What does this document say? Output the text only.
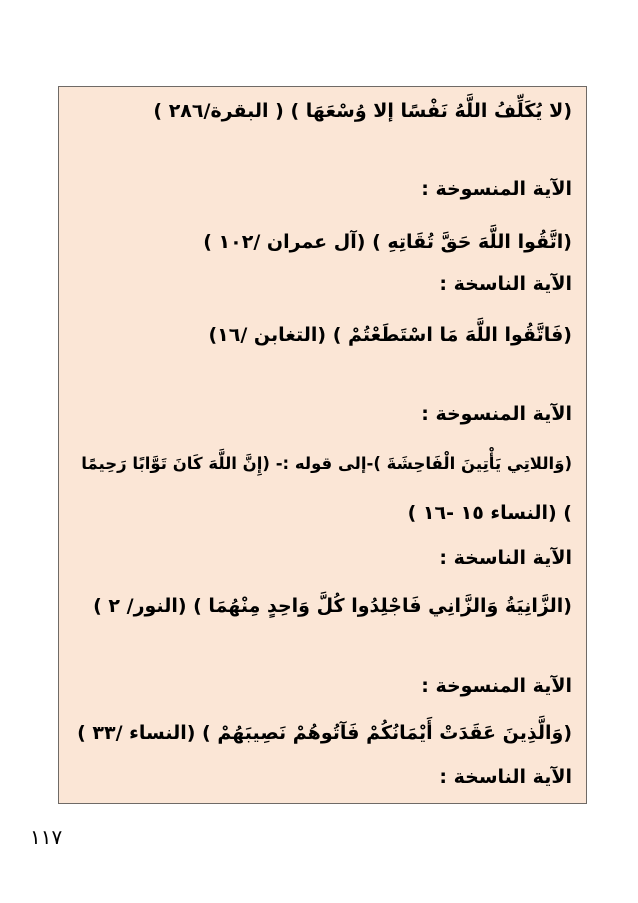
(لا يُكَلِّفُ اللَّهُ نَفْسًا إلا وُسْعَهَا ) ( البقرة/٢٨٦ )
الآية المنسوخة :
(اتَّقُوا اللَّهَ حَقَّ تُقَاتِهِ ) (آل عمران /١٠٢ )
الآية الناسخة :
(فَاتَّقُوا اللَّهَ مَا اسْتَطَعْتُمْ ) (التغابن /١٦)
الآية المنسوخة :
(وَاللاتِي يَأْتِينَ الْفَاحِشَةَ )-إلى قوله :- (إِنَّ اللَّهَ كَانَ تَوَّابًا رَحِيمًا
) (النساء ١٥ -١٦ )
الآية الناسخة :
(الزَّانِيَةُ وَالزَّانِي فَاجْلِدُوا كُلَّ وَاحِدٍ مِنْهُمَا ) (النور/ ٢ )
الآية المنسوخة :
(وَالَّذِينَ عَقَدَتْ أَيْمَانُكُمْ فَآتُوهُمْ نَصِيبَهُمْ ) (النساء /٣٣ )
الآية الناسخة :
١١٧
